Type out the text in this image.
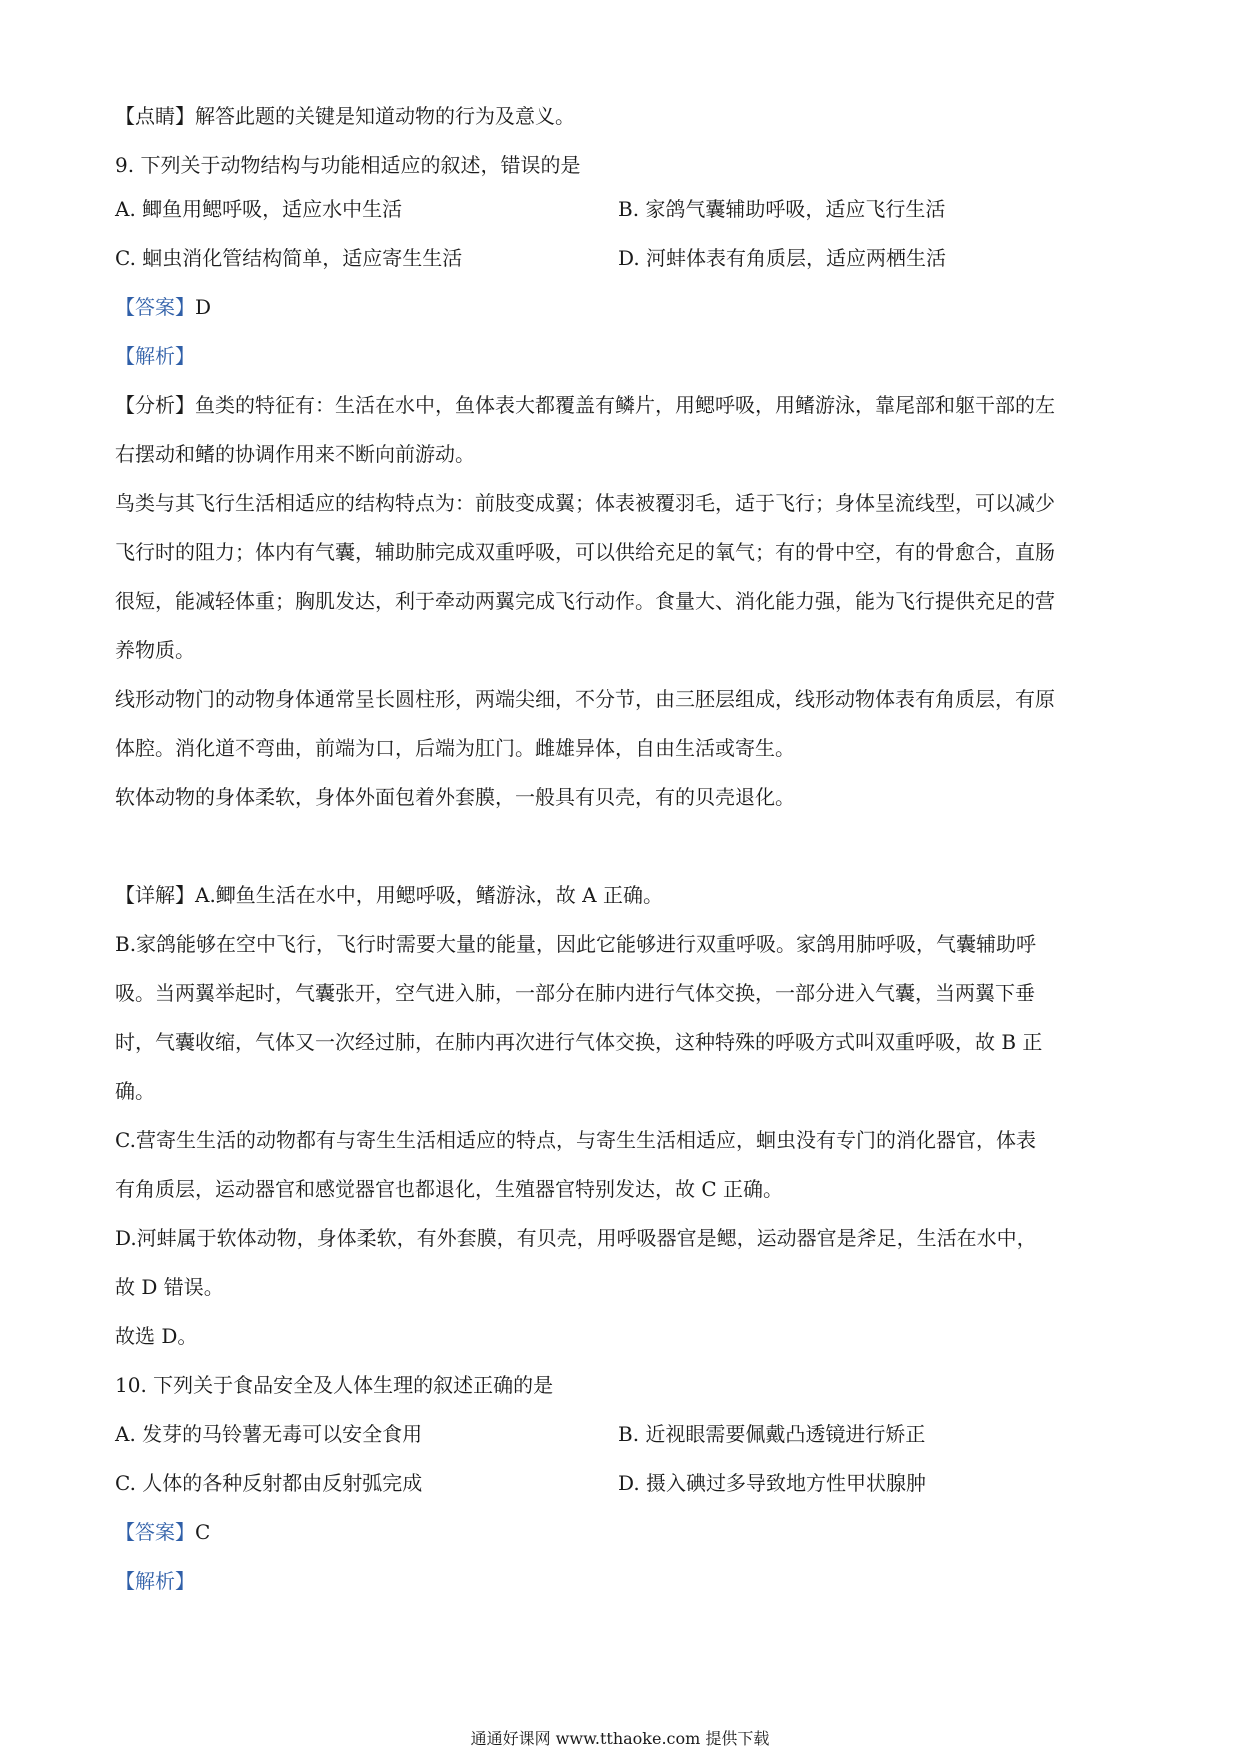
【点睛】解答此题的关键是知道动物的行为及意义。
9. 下列关于动物结构与功能相适应的叙述，错误的是
A. 鲫鱼用鳃呼吸，适应水中生活	B. 家鸽气囊辅助呼吸，适应飞行生活
C. 蛔虫消化管结构简单，适应寄生生活	D. 河蚌体表有角质层，适应两栖生活
【答案】D
【解析】
【分析】鱼类的特征有：生活在水中，鱼体表大都覆盖有鳞片，用鳃呼吸，用鳍游泳，靠尾部和躯干部的左
右摆动和鳍的协调作用来不断向前游动。
鸟类与其飞行生活相适应的结构特点为：前肢变成翼；体表被覆羽毛，适于飞行；身体呈流线型，可以减少
飞行时的阻力；体内有气囊，辅助肺完成双重呼吸，可以供给充足的氧气；有的骨中空，有的骨愈合，直肠
很短，能减轻体重；胸肌发达，利于牵动两翼完成飞行动作。食量大、消化能力强，能为飞行提供充足的营
养物质。
线形动物门的动物身体通常呈长圆柱形，两端尖细，不分节，由三胚层组成，线形动物体表有角质层，有原
体腔。消化道不弯曲，前端为口，后端为肛门。雌雄异体，自由生活或寄生。
软体动物的身体柔软，身体外面包着外套膜，一般具有贝壳，有的贝壳退化。
【详解】A.鲫鱼生活在水中，用鳃呼吸，鳍游泳，故 A 正确。
B.家鸽能够在空中飞行，飞行时需要大量的能量，因此它能够进行双重呼吸。家鸽用肺呼吸，气囊辅助呼
吸。当两翼举起时，气囊张开，空气进入肺，一部分在肺内进行气体交换，一部分进入气囊，当两翼下垂
时，气囊收缩，气体又一次经过肺，在肺内再次进行气体交换，这种特殊的呼吸方式叫双重呼吸，故 B 正
确。
C.营寄生生活的动物都有与寄生生活相适应的特点，与寄生生活相适应，蛔虫没有专门的消化器官，体表
有角质层，运动器官和感觉器官也都退化，生殖器官特别发达，故 C 正确。
D.河蚌属于软体动物，身体柔软，有外套膜，有贝壳，用呼吸器官是鳃，运动器官是斧足，生活在水中，
故 D 错误。
故选 D。
10. 下列关于食品安全及人体生理的叙述正确的是
A. 发芽的马铃薯无毒可以安全食用	B. 近视眼需要佩戴凸透镜进行矫正
C. 人体的各种反射都由反射弧完成	D. 摄入碘过多导致地方性甲状腺肿
【答案】C
【解析】
通通好课网 www.tthaoke.com 提供下载
